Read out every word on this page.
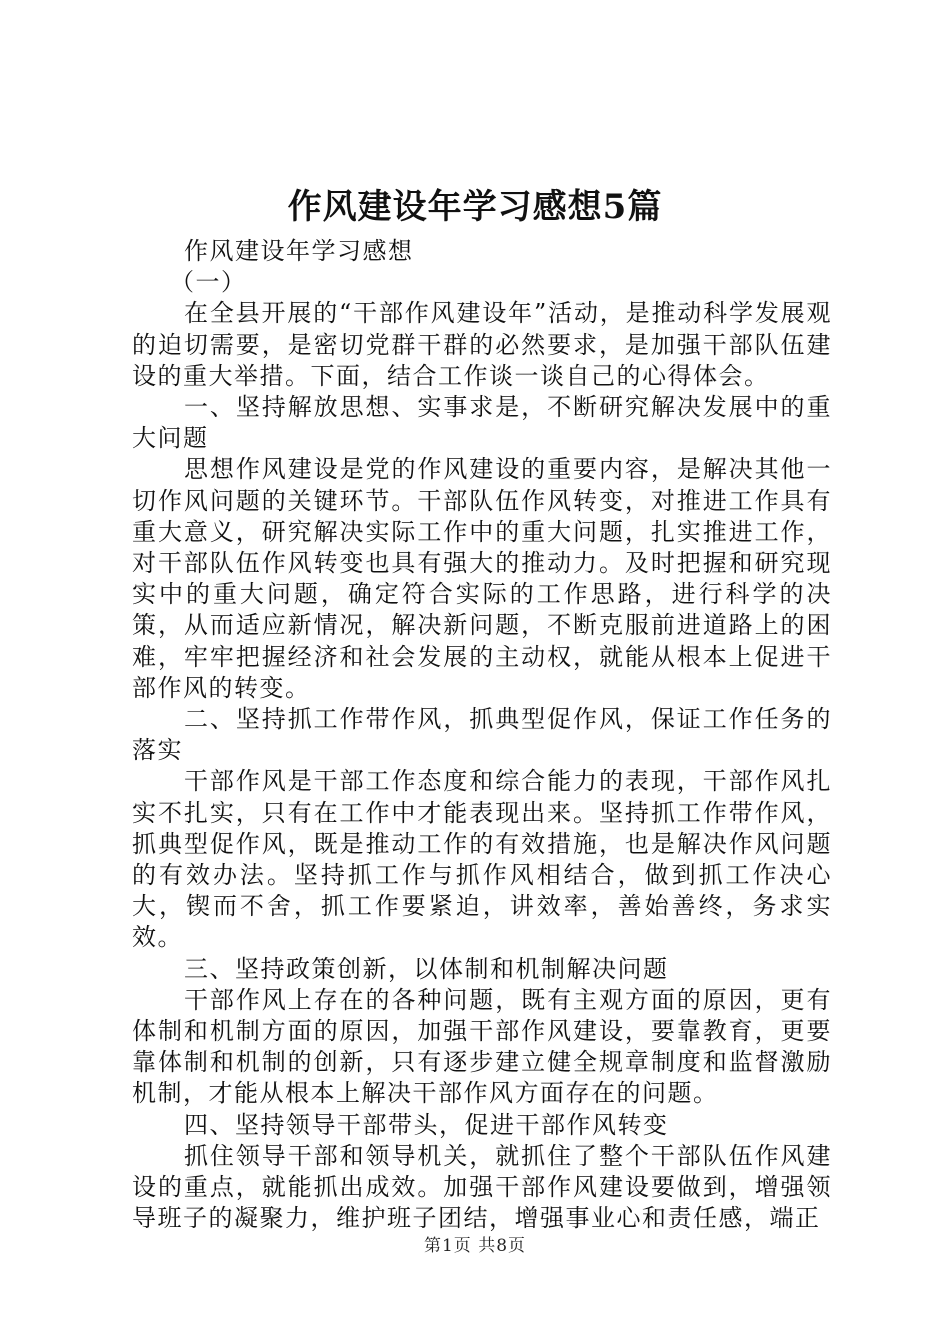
作风建设年学习感想5篇

作风建设年学习感想

（一）

在全县开展的“干部作风建设年”活动，是推动科学发展观的迫切需要，是密切党群干群的必然要求，是加强干部队伍建设的重大举措。下面，结合工作谈一谈自己的心得体会。

一、坚持解放思想、实事求是，不断研究解决发展中的重大问题

思想作风建设是党的作风建设的重要内容，是解决其他一切作风问题的关键环节。干部队伍作风转变，对推进工作具有重大意义，研究解决实际工作中的重大问题，扎实推进工作，对干部队伍作风转变也具有强大的推动力。及时把握和研究现实中的重大问题，确定符合实际的工作思路，进行科学的决策，从而适应新情况，解决新问题，不断克服前进道路上的困难，牢牢把握经济和社会发展的主动权，就能从根本上促进干部作风的转变。

二、坚持抓工作带作风，抓典型促作风，保证工作任务的落实

干部作风是干部工作态度和综合能力的表现，干部作风扎实不扎实，只有在工作中才能表现出来。坚持抓工作带作风，抓典型促作风，既是推动工作的有效措施，也是解决作风问题的有效办法。坚持抓工作与抓作风相结合，做到抓工作决心大，锲而不舍，抓工作要紧迫，讲效率，善始善终，务求实效。

三、坚持政策创新，以体制和机制解决问题

干部作风上存在的各种问题，既有主观方面的原因，更有体制和机制方面的原因，加强干部作风建设，要靠教育，更要靠体制和机制的创新，只有逐步建立健全规章制度和监督激励机制，才能从根本上解决干部作风方面存在的问题。

四、坚持领导干部带头，促进干部作风转变

抓住领导干部和领导机关，就抓住了整个干部队伍作风建设的重点，就能抓出成效。加强干部作风建设要做到，增强领导班子的凝聚力，维护班子团结，增强事业心和责任感，端正

第1页 共8页
